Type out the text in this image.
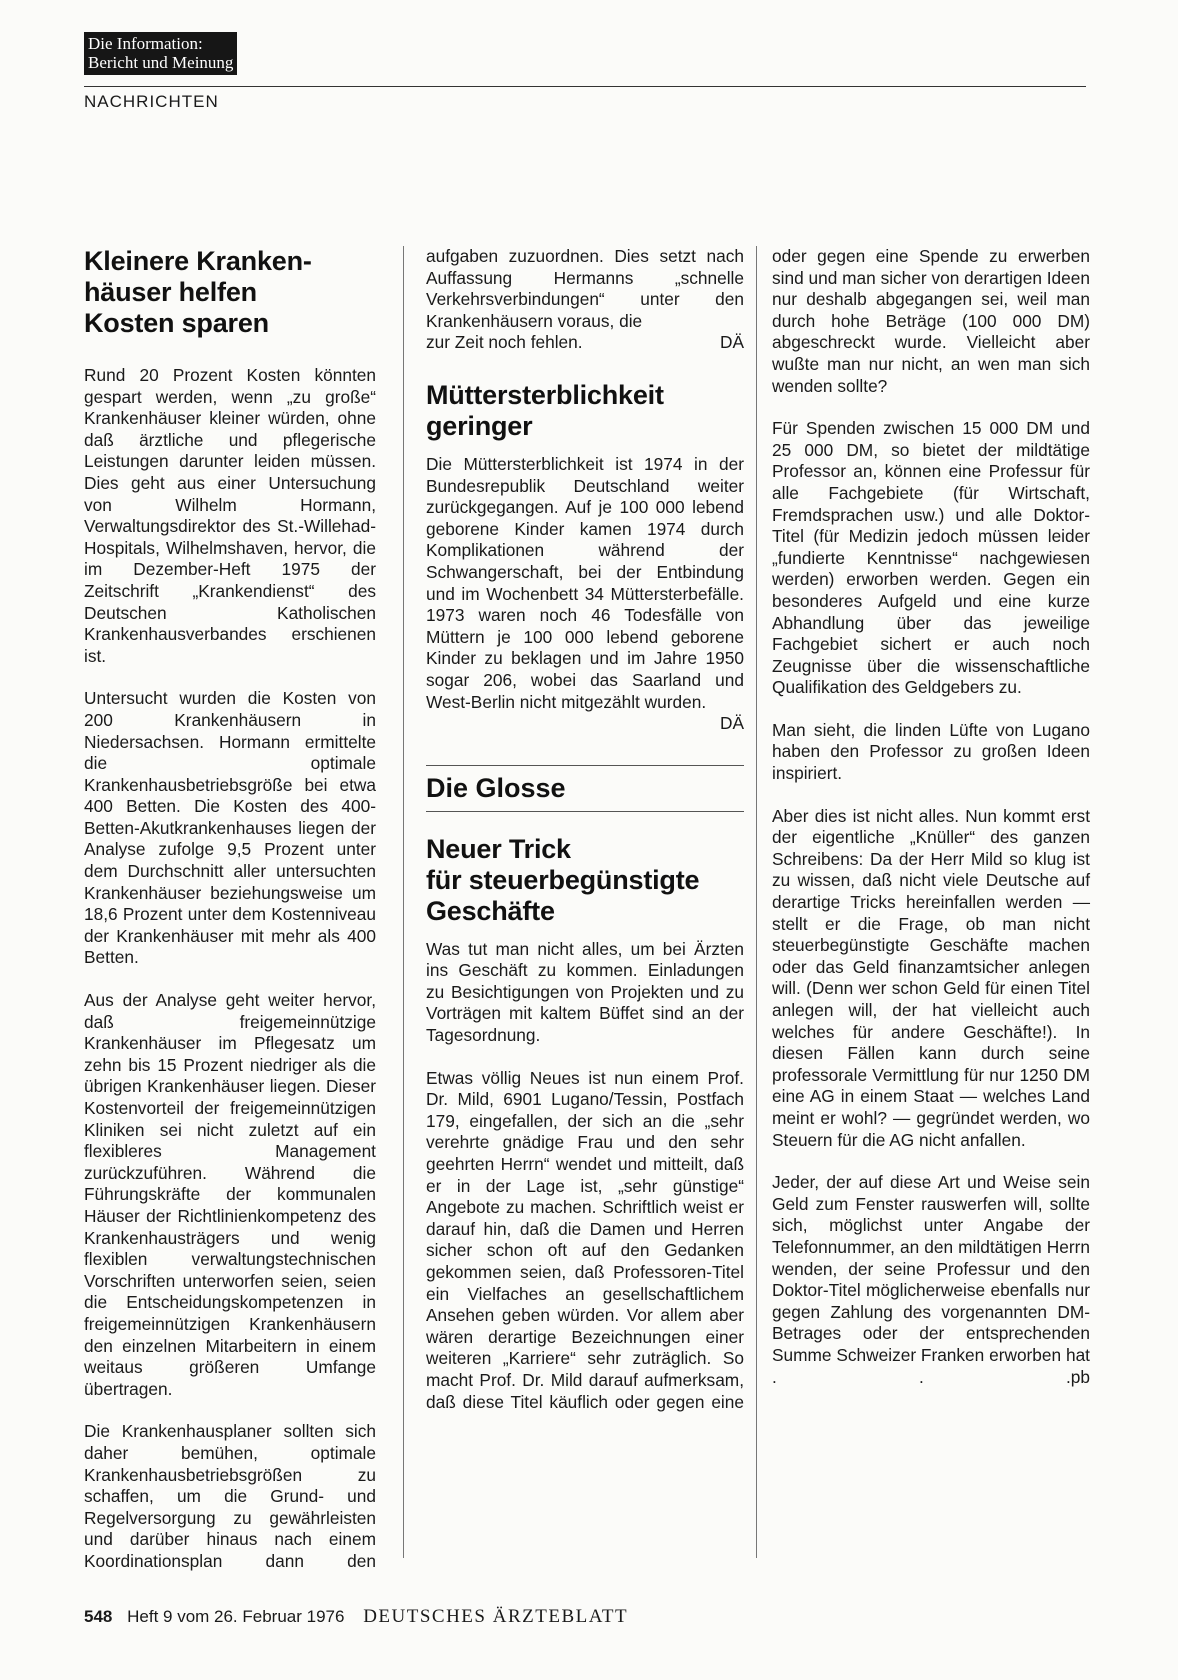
Die Information:
Bericht und Meinung
NACHRICHTEN
Kleinere Kranken-
häuser helfen
Kosten sparen

Rund 20 Prozent Kosten könnten gespart werden, wenn „zu große“ Krankenhäuser kleiner würden, ohne daß ärztliche und pflegerische Leistungen darunter leiden müssen. Dies geht aus einer Untersuchung von Wilhelm Hormann, Verwaltungsdirektor des St.-Willehad-Hospitals, Wilhelmshaven, hervor, die im Dezember-Heft 1975 der Zeitschrift „Krankendienst“ des Deutschen Katholischen Krankenhausverbandes erschienen ist.

Untersucht wurden die Kosten von 200 Krankenhäusern in Niedersachsen. Hormann ermittelte die optimale Krankenhausbetriebsgröße bei etwa 400 Betten. Die Kosten des 400-Betten-Akutkrankenhauses liegen der Analyse zufolge 9,5 Prozent unter dem Durchschnitt aller untersuchten Krankenhäuser beziehungsweise um 18,6 Prozent unter dem Kostenniveau der Krankenhäuser mit mehr als 400 Betten.

Aus der Analyse geht weiter hervor, daß freigemeinnützige Krankenhäuser im Pflegesatz um zehn bis 15 Prozent niedriger als die übrigen Krankenhäuser liegen. Dieser Kostenvorteil der freigemeinnützigen Kliniken sei nicht zuletzt auf ein flexibleres Management zurückzuführen. Während die Führungskräfte der kommunalen Häuser der Richtlinienkompetenz des Krankenhausträgers und wenig flexiblen verwaltungstechnischen Vorschriften unterworfen seien, seien die Entscheidungskompetenzen in freigemeinnützigen Krankenhäusern den einzelnen Mitarbeitern in einem weitaus größeren Umfange übertragen.

Die Krankenhausplaner sollten sich daher bemühen, optimale Krankenhausbetriebsgrößen zu schaffen, um die Grund- und Regelversorgung zu gewährleisten und darüber hinaus nach einem Koordinationsplan dann den

aufgaben zuzuordnen. Dies setzt nach Auffassung Hermanns „schnelle Verkehrsverbindungen“ unter den Krankenhäusern voraus, die

zur Zeit noch fehlen.	DÄ

Müttersterblichkeit
geringer

Die Müttersterblichkeit ist 1974 in der Bundesrepublik Deutschland weiter zurückgegangen. Auf je 100 000 lebend geborene Kinder kamen 1974 durch Komplikationen während der Schwangerschaft, bei der Entbindung und im Wochenbett 34 Müttersterbefälle. 1973 waren noch 46 Todesfälle von Müttern je 100 000 lebend geborene Kinder zu beklagen und im Jahre 1950 sogar 206, wobei das Saarland und West-Berlin nicht mitgezählt wurden.

DÄ

Die Glosse
Neuer Trick
für steuerbegünstigte
Geschäfte

Was tut man nicht alles, um bei Ärzten ins Geschäft zu kommen. Einladungen zu Besichtigungen von Projekten und zu Vorträgen mit kaltem Büffet sind an der Tagesordnung.

Etwas völlig Neues ist nun einem Prof. Dr. Mild, 6901 Lugano/Tessin, Postfach 179, eingefallen, der sich an die „sehr verehrte gnädige Frau und den sehr geehrten Herrn“ wendet und mitteilt, daß er in der Lage ist, „sehr günstige“ Angebote zu machen. Schriftlich weist er darauf hin, daß die Damen und Herren sicher schon oft auf den Gedanken gekommen seien, daß Professoren-Titel ein Vielfaches an gesellschaftlichem Ansehen geben würden. Vor allem aber wären derartige Bezeichnungen einer weiteren „Karriere“ sehr zuträglich. So macht Prof. Dr. Mild darauf aufmerksam, daß diese Titel käuflich oder gegen eine

oder gegen eine Spende zu erwerben sind und man sicher von derartigen Ideen nur deshalb abgegangen sei, weil man durch hohe Beträge (100 000 DM) abgeschreckt wurde. Vielleicht aber wußte man nur nicht, an wen man sich wenden sollte?

Für Spenden zwischen 15 000 DM und 25 000 DM, so bietet der mildtätige Professor an, können eine Professur für alle Fachgebiete (für Wirtschaft, Fremdsprachen usw.) und alle Doktor-Titel (für Medizin jedoch müssen leider „fundierte Kenntnisse“ nachgewiesen werden) erworben werden. Gegen ein besonderes Aufgeld und eine kurze Abhandlung über das jeweilige Fachgebiet sichert er auch noch Zeugnisse über die wissenschaftliche Qualifikation des Geldgebers zu.

Man sieht, die linden Lüfte von Lugano haben den Professor zu großen Ideen inspiriert.

Aber dies ist nicht alles. Nun kommt erst der eigentliche „Knüller“ des ganzen Schreibens: Da der Herr Mild so klug ist zu wissen, daß nicht viele Deutsche auf derartige Tricks hereinfallen werden — stellt er die Frage, ob man nicht steuerbegünstigte Geschäfte machen oder das Geld finanzamtsicher anlegen will. (Denn wer schon Geld für einen Titel anlegen will, der hat vielleicht auch welches für andere Geschäfte!). In diesen Fällen kann durch seine professorale Vermittlung für nur 1250 DM eine AG in einem Staat — welches Land meint er wohl? — gegründet werden, wo Steuern für die AG nicht anfallen.

Jeder, der auf diese Art und Weise sein Geld zum Fenster rauswerfen will, sollte sich, möglichst unter Angabe der Telefonnummer, an den mildtätigen Herrn wenden, der seine Professur und den Doktor-Titel möglicherweise ebenfalls nur gegen Zahlung des vorgenannten DM-Betrages oder der entsprechenden Summe Schweizer Franken erworben hat . . . pb

548 Heft 9 vom 26. Februar 1976 DEUTSCHES ÄRZTEBLATT
